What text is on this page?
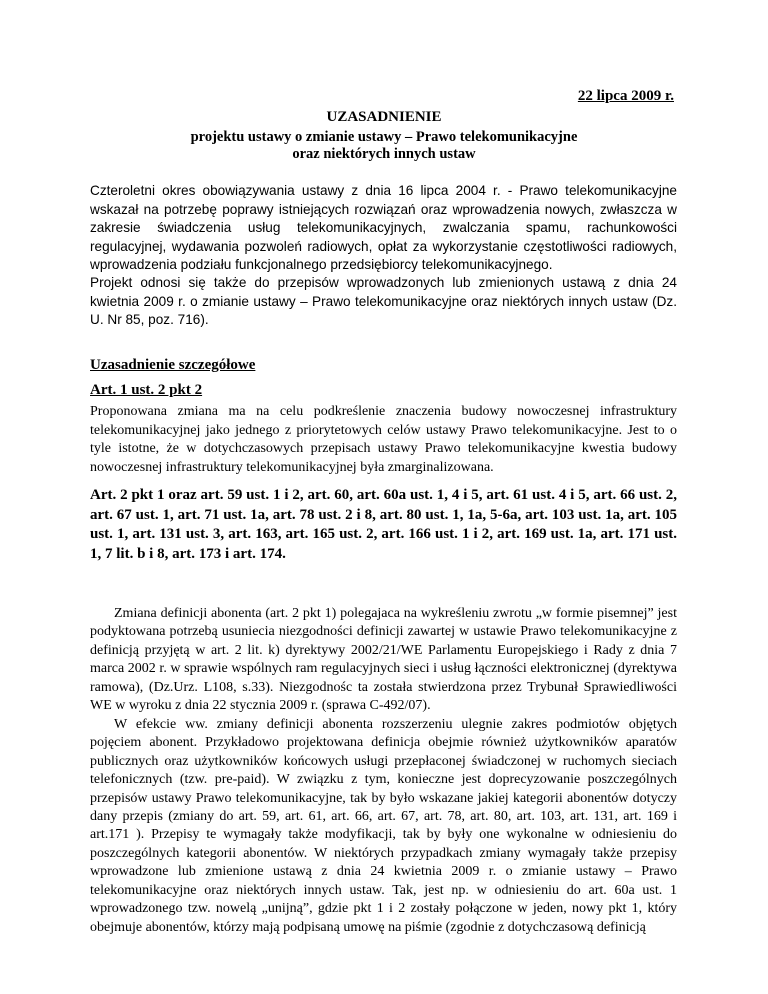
22 lipca 2009 r.
UZASADNIENIE
projektu ustawy o zmianie ustawy – Prawo telekomunikacyjne
oraz niektórych innych ustaw
Czteroletni okres obowiązywania ustawy z dnia 16 lipca 2004 r. - Prawo telekomunikacyjne wskazał na potrzebę poprawy istniejących rozwiązań oraz wprowadzenia nowych, zwłaszcza w zakresie świadczenia usług telekomunikacyjnych, zwalczania spamu, rachunkowości regulacyjnej, wydawania pozwoleń radiowych, opłat za wykorzystanie częstotliwości radiowych, wprowadzenia podziału funkcjonalnego przedsiębiorcy telekomunikacyjnego.
Projekt odnosi się także do przepisów wprowadzonych lub zmienionych ustawą z dnia 24 kwietnia 2009 r. o zmianie ustawy – Prawo telekomunikacyjne oraz niektórych innych ustaw (Dz. U. Nr 85, poz. 716).
Uzasadnienie szczegółowe
Art. 1 ust. 2 pkt 2
Proponowana zmiana ma na celu podkreślenie znaczenia budowy nowoczesnej infrastruktury telekomunikacyjnej jako jednego z priorytetowych celów ustawy Prawo telekomunikacyjne. Jest to o tyle istotne, że w dotychczasowych przepisach ustawy Prawo telekomunikacyjne kwestia budowy nowoczesnej infrastruktury telekomunikacyjnej była zmarginalizowana.
Art. 2 pkt 1 oraz art. 59 ust. 1 i 2, art. 60, art. 60a ust. 1, 4 i 5, art. 61 ust. 4 i 5, art. 66 ust. 2, art. 67 ust. 1, art. 71 ust. 1a, art. 78 ust. 2 i 8, art. 80 ust. 1, 1a, 5-6a, art. 103 ust. 1a, art. 105 ust. 1, art. 131 ust. 3, art. 163, art. 165 ust. 2, art. 166 ust. 1 i 2, art. 169 ust. 1a, art. 171 ust. 1, 7 lit. b i 8, art. 173 i art. 174.

Zmiana definicji abonenta (art. 2 pkt 1) polegajaca na wykreśleniu zwrotu „w formie pisemnej” jest podyktowana potrzebą usuniecia niezgodności definicji zawartej w ustawie Prawo telekomunikacyjne z definicją przyjętą w art. 2 lit. k) dyrektywy 2002/21/WE Parlamentu Europejskiego i Rady z dnia 7 marca 2002 r. w sprawie wspólnych ram regulacyjnych sieci i usług łączności elektronicznej (dyrektywa ramowa), (Dz.Urz. L108, s.33). Niezgodnośc ta została stwierdzona przez Trybunał Sprawiedliwości WE w wyroku z dnia 22 stycznia 2009 r. (sprawa C-492/07).

W efekcie ww. zmiany definicji abonenta rozszerzeniu ulegnie zakres podmiotów objętych pojęciem abonent. Przykładowo projektowana definicja obejmie również użytkowników aparatów publicznych oraz użytkowników końcowych usługi przepłaconej świadczonej w ruchomych sieciach telefonicznych (tzw. pre-paid). W związku z tym, konieczne jest doprecyzowanie poszczególnych przepisów ustawy Prawo telekomunikacyjne, tak by było wskazane jakiej kategorii abonentów dotyczy dany przepis (zmiany do art. 59, art. 61, art. 66, art. 67, art. 78, art. 80, art. 103, art. 131, art. 169 i art.171 ). Przepisy te wymagały także modyfikacji, tak by były one wykonalne w odniesieniu do poszczególnych kategorii abonentów. W niektórych przypadkach zmiany wymagały także przepisy wprowadzone lub zmienione ustawą z dnia 24 kwietnia 2009 r. o zmianie ustawy – Prawo telekomunikacyjne oraz niektórych innych ustaw. Tak, jest np. w odniesieniu do art. 60a ust. 1 wprowadzonego tzw. nowelą „unijną”, gdzie pkt 1 i 2 zostały połączone w jeden, nowy pkt 1, który obejmuje abonentów, którzy mają podpisaną umowę na piśmie (zgodnie z dotychczasową definicją
